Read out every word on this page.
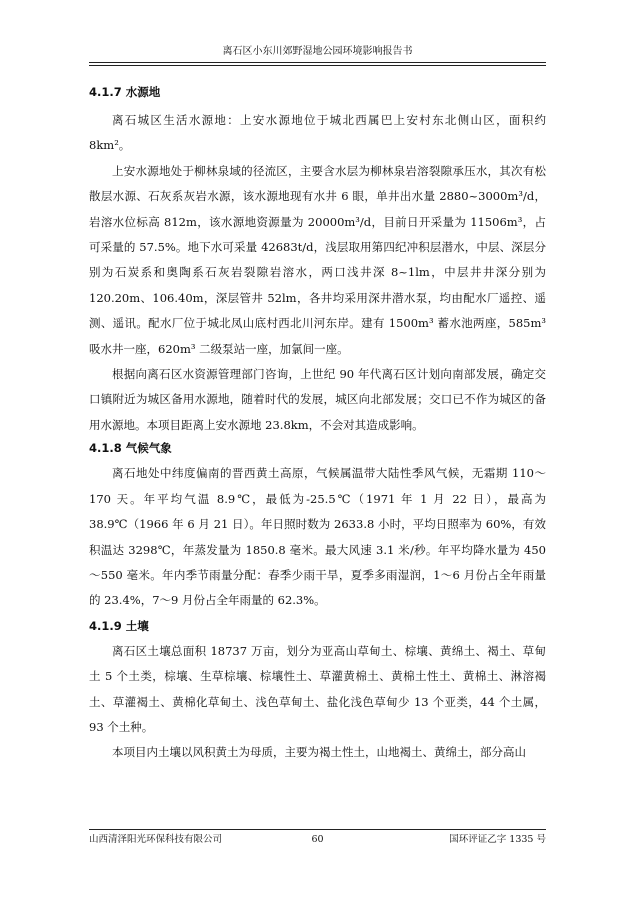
离石区小东川郊野湿地公园环境影响报告书
4.1.7 水源地

离石城区生活水源地：上安水源地位于城北西属巴上安村东北侧山区，面积约 8km²。

上安水源地处于柳林泉域的径流区，主要含水层为柳林泉岩溶裂隙承压水，其次有松散层水源、石灰系灰岩水源，该水源地现有水井 6 眼，单井出水量 2880~3000m³/d，岩溶水位标高 812m，该水源地资源量为 20000m³/d，目前日开采量为 11506m³，占可采量的 57.5%。地下水可采量 42683t/d，浅层取用第四纪冲积层潜水，中层、深层分别为石炭系和奥陶系石灰岩裂隙岩溶水，两口浅井深 8~1lm，中层井井深分别为 120.20m、106.40m，深层管井 52lm，各井均采用深井潜水泵，均由配水厂遥控、遥测、遥讯。配水厂位于城北凤山底村西北川河东岸。建有 1500m³ 蓄水池两座，585m³ 吸水井一座，620m³ 二级泵站一座，加氯间一座。

根据向离石区水资源管理部门咨询，上世纪 90 年代离石区计划向南部发展，确定交口镇附近为城区备用水源地，随着时代的发展，城区向北部发展；交口已不作为城区的备用水源地。本项目距离上安水源地 23.8km，不会对其造成影响。

4.1.8 气候气象

离石地处中纬度偏南的晋西黄土高原，气候属温带大陆性季风气候，无霜期 110～170 天。年平均气温 8.9℃，最低为-25.5℃（1971 年 1 月 22 日），最高为 38.9℃（1966 年 6 月 21 日）。年日照时数为 2633.8 小时，平均日照率为 60%，有效积温达 3298℃，年蒸发量为 1850.8 毫米。最大风速 3.1 米/秒。年平均降水量为 450～550 毫米。年内季节雨量分配：春季少雨干旱，夏季多雨湿润，1～6 月份占全年雨量的 23.4%，7～9 月份占全年雨量的 62.3%。

4.1.9 土壤

离石区土壤总面积 18737 万亩，划分为亚高山草甸土、棕壤、黄绵土、褐土、草甸土 5 个土类，棕壤、生草棕壤、棕壤性土、草灌黄棉土、黄棉土性土、黄棉土、淋溶褐土、草灌褐土、黄棉化草甸土、浅色草甸土、盐化浅色草甸少 13 个亚类，44 个土属，93 个土种。

本项目内土壤以风积黄土为母质，主要为褐土性土，山地褐土、黄绵土，部分高山

山西清泽阳光环保科技有限公司	60	国环评证乙字 1335 号
